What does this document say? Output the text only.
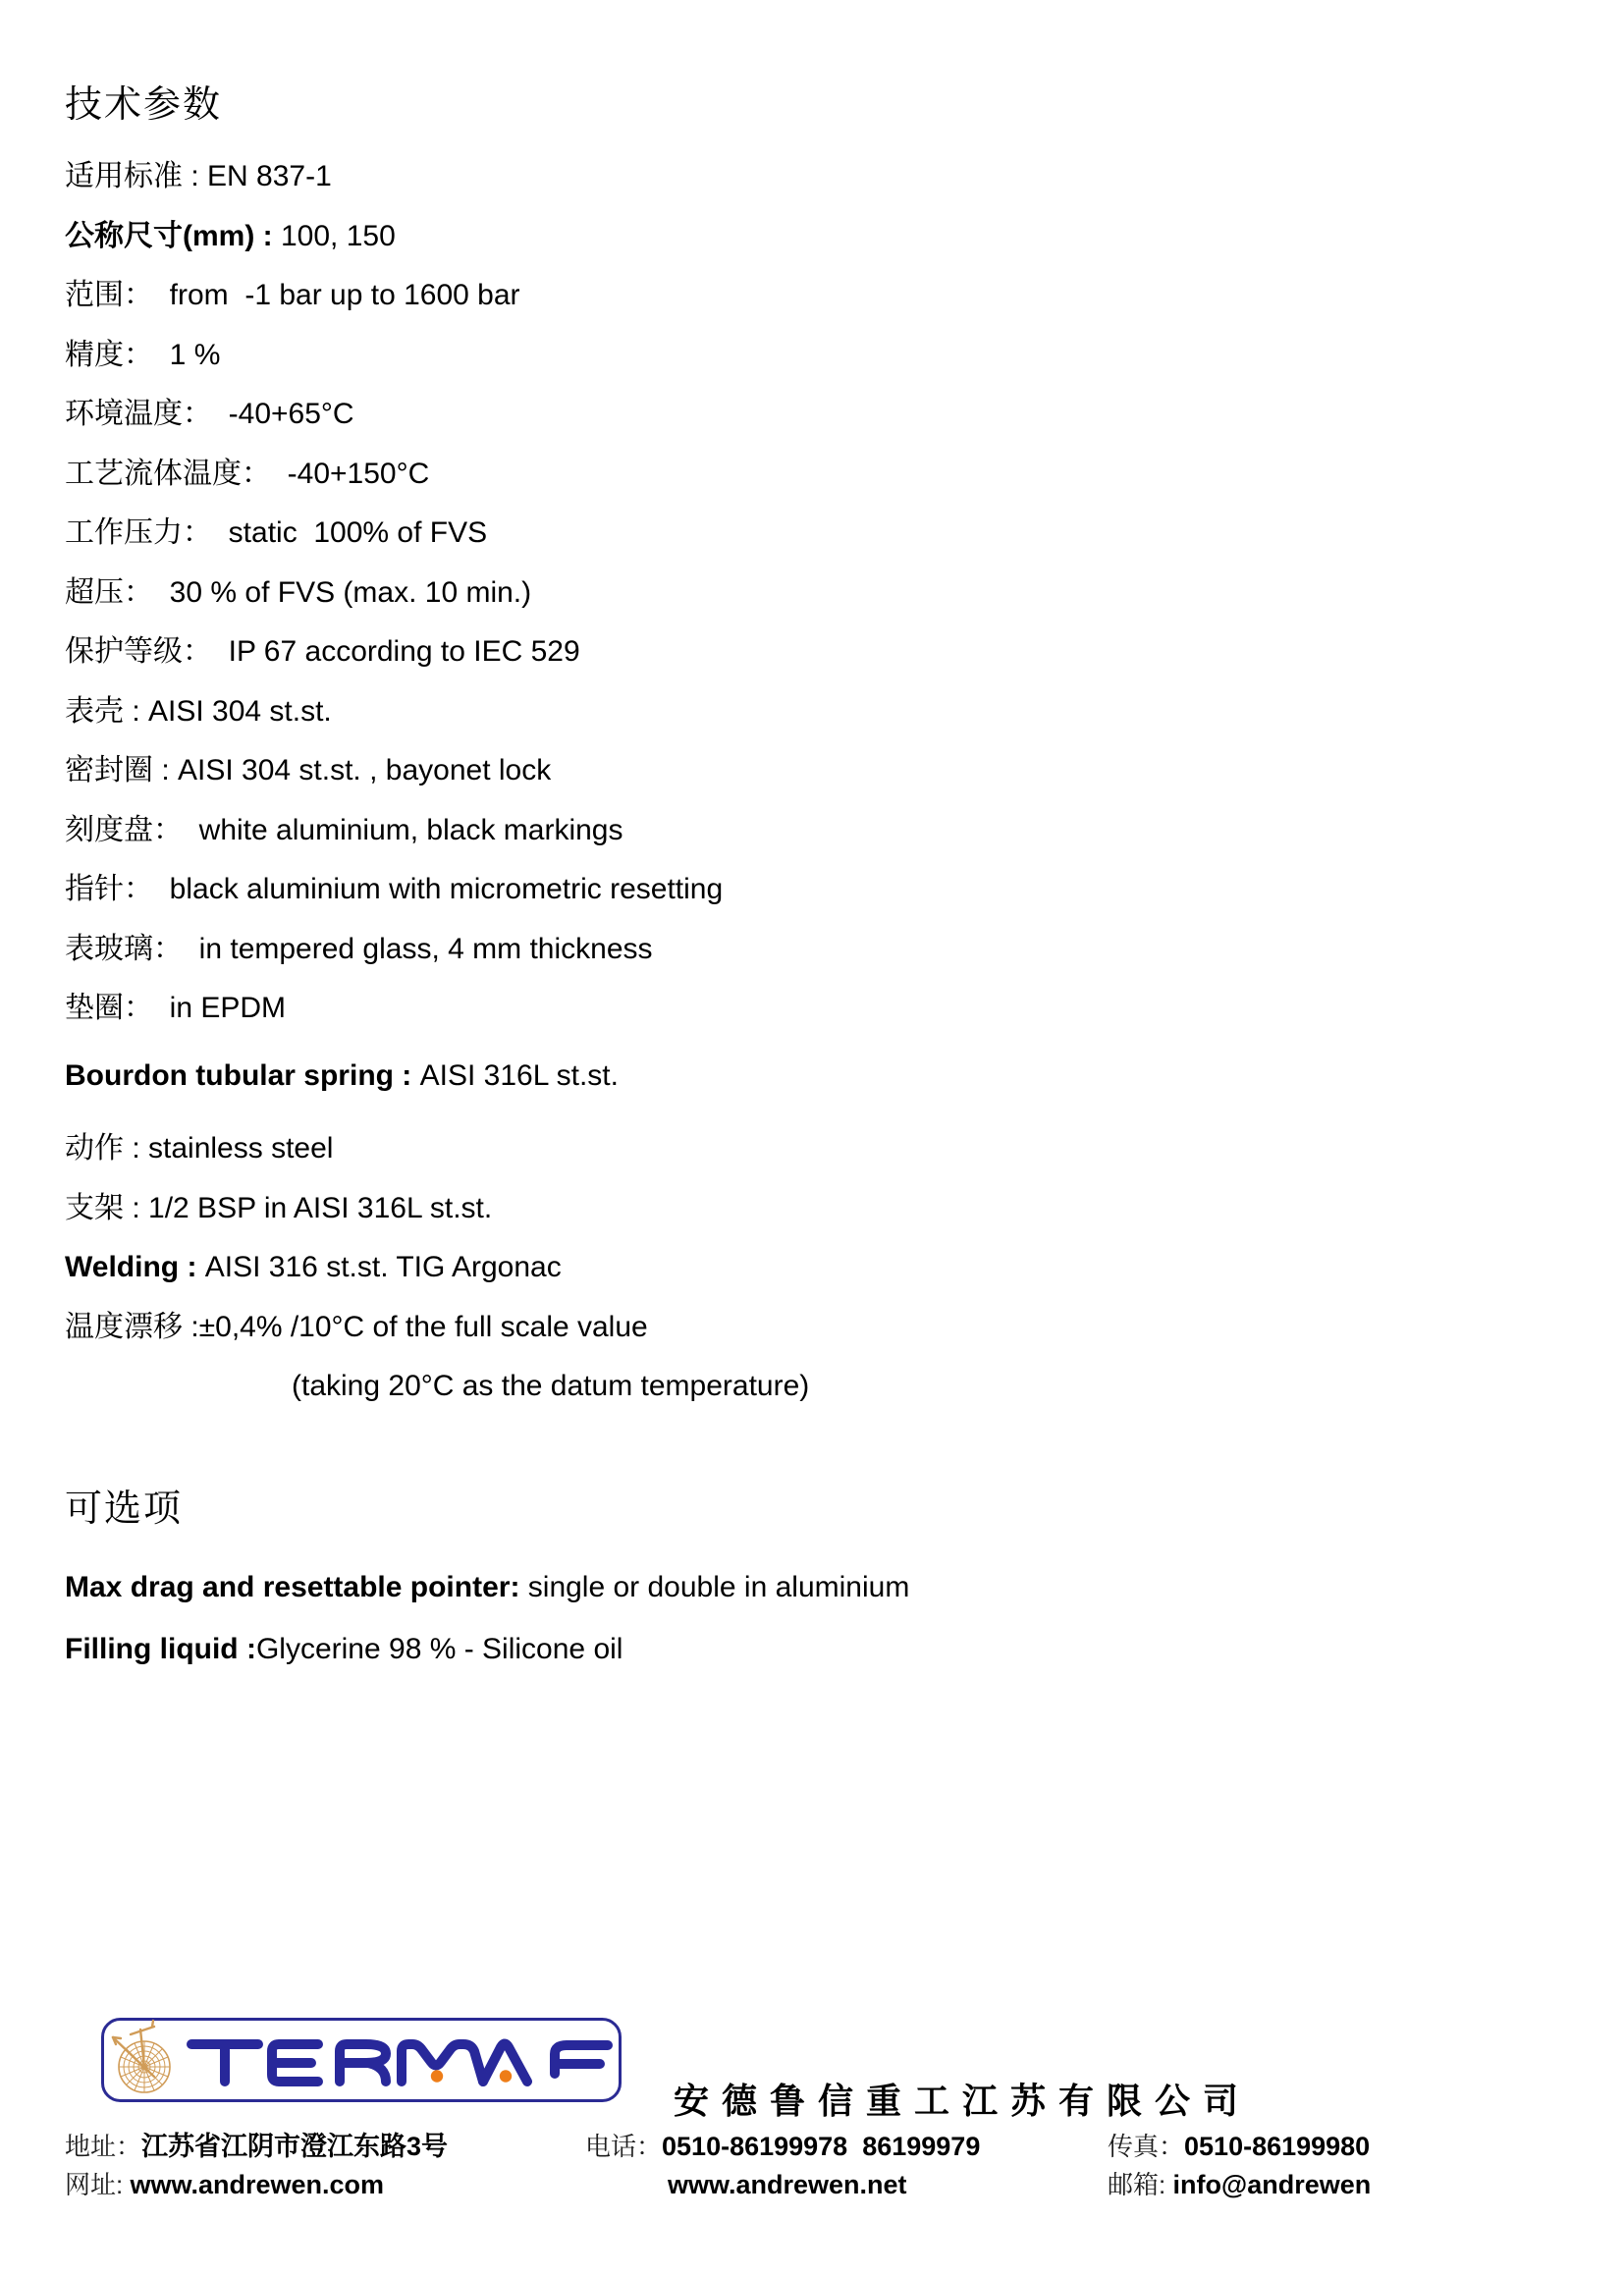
技术参数
适用标准 : EN 837-1
公称尺寸(mm) : 100, 150
范围：  from  -1 bar up to 1600 bar
精度：  1 %
环境温度：  -40+65°C
工艺流体温度：  -40+150°C
工作压力：  static  100% of FVS
超压：  30 % of FVS (max. 10 min.)
保护等级：  IP 67 according to IEC 529
表壳 : AISI 304 st.st.
密封圈 : AISI 304 st.st. , bayonet lock
刻度盘：  white aluminium, black markings
指针：  black aluminium with micrometric resetting
表玻璃：  in tempered glass, 4 mm thickness
垫圈：  in EPDM
Bourdon tubular spring : AISI 316L st.st.
动作 : stainless steel
支架 : 1/2 BSP in AISI 316L st.st.
Welding : AISI 316 st.st. TIG Argonac
温度漂移 :±0,4% /10°C of the full scale value
(taking 20°C as the datum temperature)
可选项
Max drag and resettable pointer: single or double in aluminium
Filling liquid :Glycerine 98 % - Silicone oil
安德鲁信重工江苏有限公司
地址：江苏省江阴市澄江东路3号	电话：0510-86199978  86199979	传真：0510-86199980
网址: www.andrewen.com	www.andrewen.net	邮箱: info@andrewen
